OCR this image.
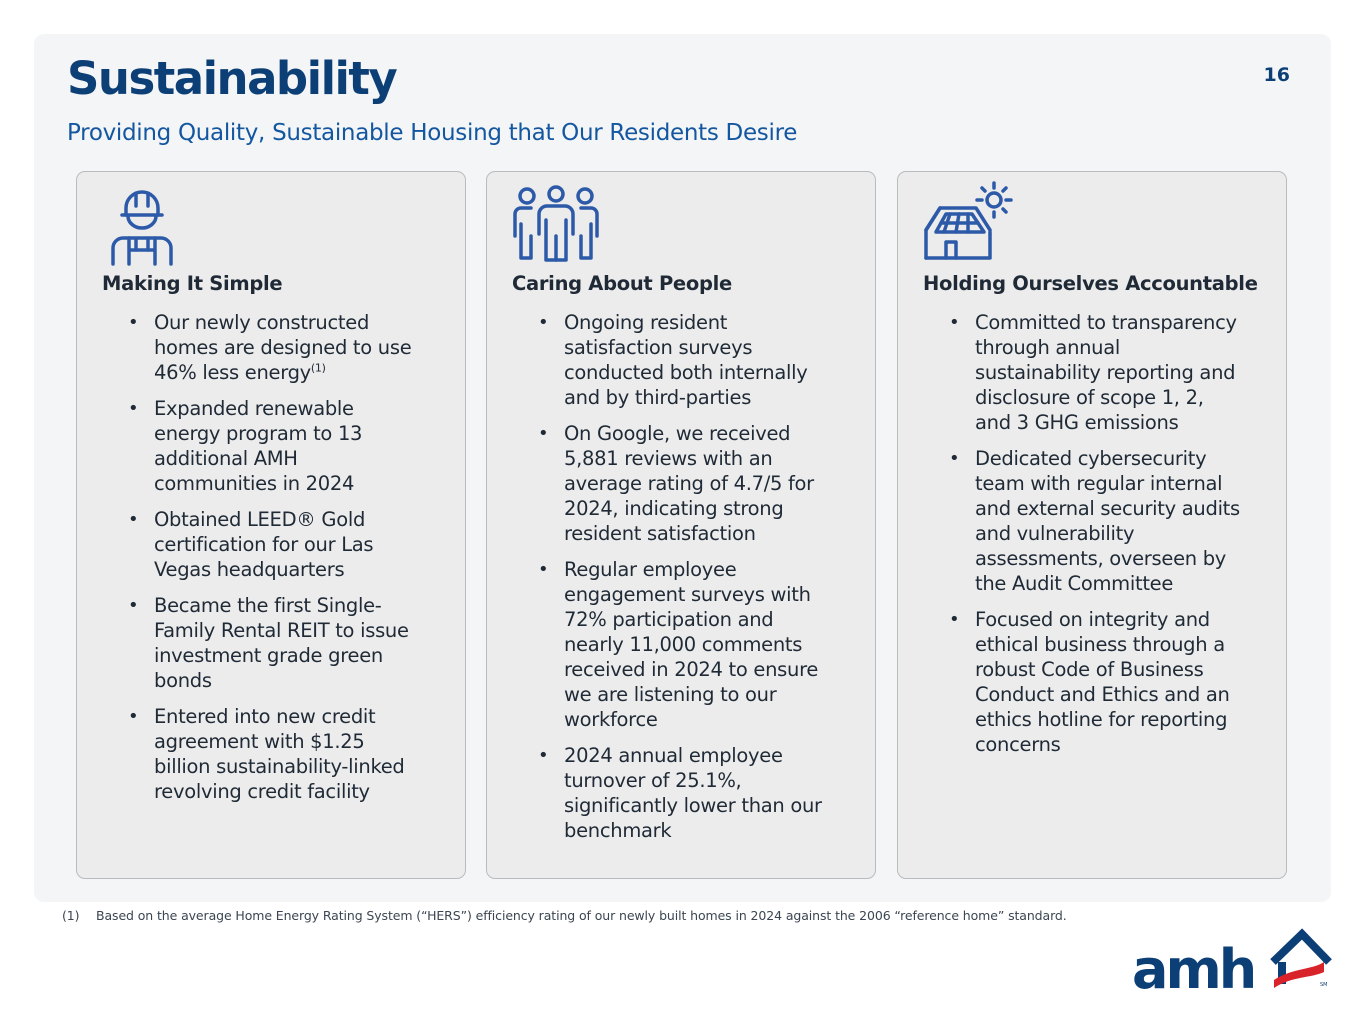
Sustainability	16
Providing Quality, Sustainable Housing that Our Residents Desire
Making It Simple
• Our newly constructed homes are designed to use 46% less energy$^{(1)}$
• Expanded renewable energy program to 13 additional AMH communities in 2024
• Obtained LEED® Gold certification for our Las Vegas headquarters
• Became the first Single-Family Rental REIT to issue investment grade green bonds
• Entered into new credit agreement with $1.25 billion sustainability-linked revolving credit facility
Caring About People
• Ongoing resident satisfaction surveys conducted both internally and by third-parties
• On Google, we received 5,881 reviews with an average rating of 4.7/5 for 2024, indicating strong resident satisfaction
• Regular employee engagement surveys with 72% participation and nearly 11,000 comments received in 2024 to ensure we are listening to our workforce
• 2024 annual employee turnover of 25.1%, significantly lower than our benchmark
Holding Ourselves Accountable
• Committed to transparency through annual sustainability reporting and disclosure of scope 1, 2, and 3 GHG emissions
• Dedicated cybersecurity team with regular internal and external security audits and vulnerability assessments, overseen by the Audit Committee
• Focused on integrity and ethical business through a robust Code of Business Conduct and Ethics and an ethics hotline for reporting concerns
(1) Based on the average Home Energy Rating System (“HERS”) efficiency rating of our newly built homes in 2024 against the 2006 “reference home” standard.
amh	SM
